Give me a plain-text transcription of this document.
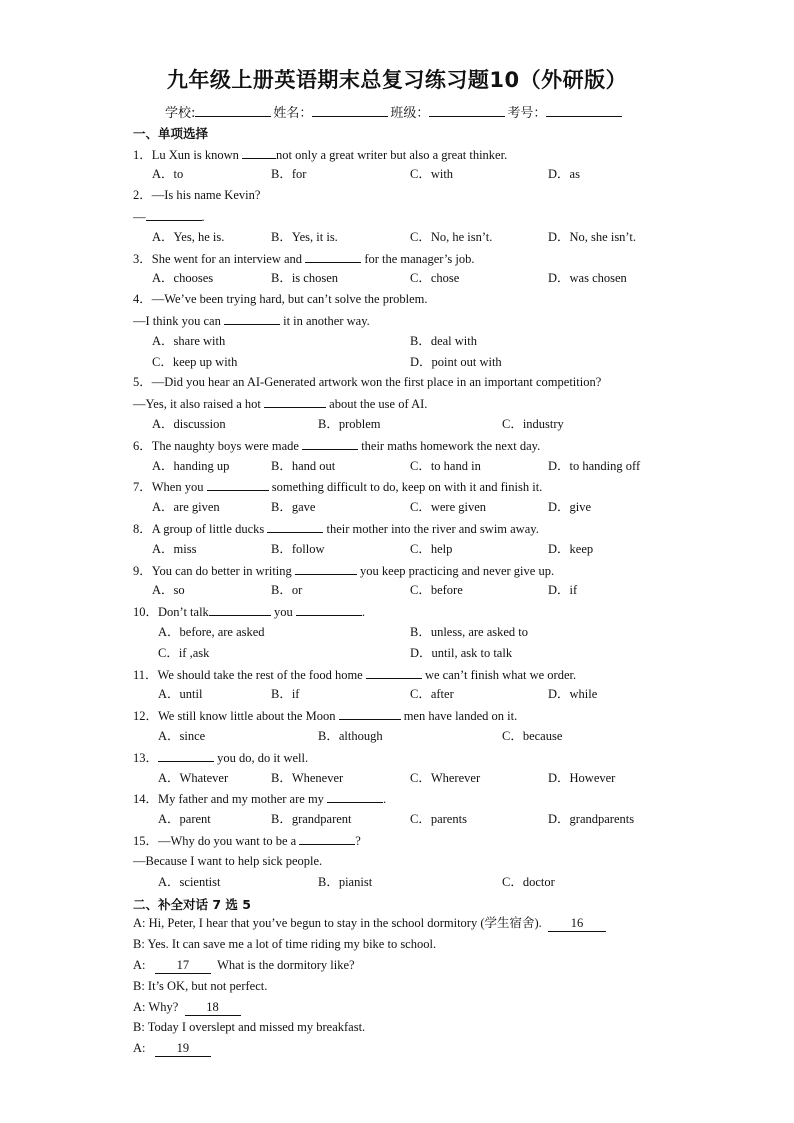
九年级上册英语期末总复习练习题10（外研版）
学校:	姓名：	班级：	考号：
一、单项选择
1．Lu Xun is known	not only a great writer but also a great thinker.
A．to	B．for	C．with	D．as
2．—Is his name Kevin?
—	.
A．Yes, he is.	B．Yes, it is.	C．No, he isn’t.	D．No, she isn’t.
3．She went for an interview and	for the manager’s job.
A．chooses	B．is chosen	C．chose	D．was chosen
4．—We’ve been trying hard, but can’t solve the problem.
—I think you can	it in another way.
A．share with	B．deal with
C．keep up with	D．point out with
5．—Did you hear an AI-Generated artwork won the first place in an important competition?
—Yes, it also raised a hot	about the use of AI.
A．discussion	B．problem	C．industry
6．The naughty boys were made	their maths homework the next day.
A．handing up	B．hand out	C．to hand in	D．to handing off
7．When you	something difficult to do, keep on with it and finish it.
A．are given	B．gave	C．were given	D．give
8．A group of little ducks	their mother into the river and swim away.
A．miss	B．follow	C．help	D．keep
9．You can do better in writing	you keep practicing and never give up.
A．so	B．or	C．before	D．if
10．Don’t talk	you	.
A．before, are asked	B．unless, are asked to
C．if ,ask	D．until, ask to talk
11．We should take the rest of the food home	we can’t finish what we order.
A．until	B．if	C．after	D．while
12．We still know little about the Moon	men have landed on it.
A．since	B．although	C．because
13．	you do, do it well.
A．Whatever	B．Whenever	C．Wherever	D．However
14．My father and my mother are my	.
A．parent	B．grandparent	C．parents	D．grandparents
15．—Why do you want to be a	?
—Because I want to help sick people.
A．scientist	B．pianist	C．doctor
二、补全对话 7 选 5
A: Hi, Peter, I hear that you’ve begun to stay in the school dormitory (学生宿舍). 16
B: Yes. It can save me a lot of time riding my bike to school.
A: 17 What is the dormitory like?
B: It’s OK, but not perfect.
A: Why? 18
B: Today I overslept and missed my breakfast.
A: 19
